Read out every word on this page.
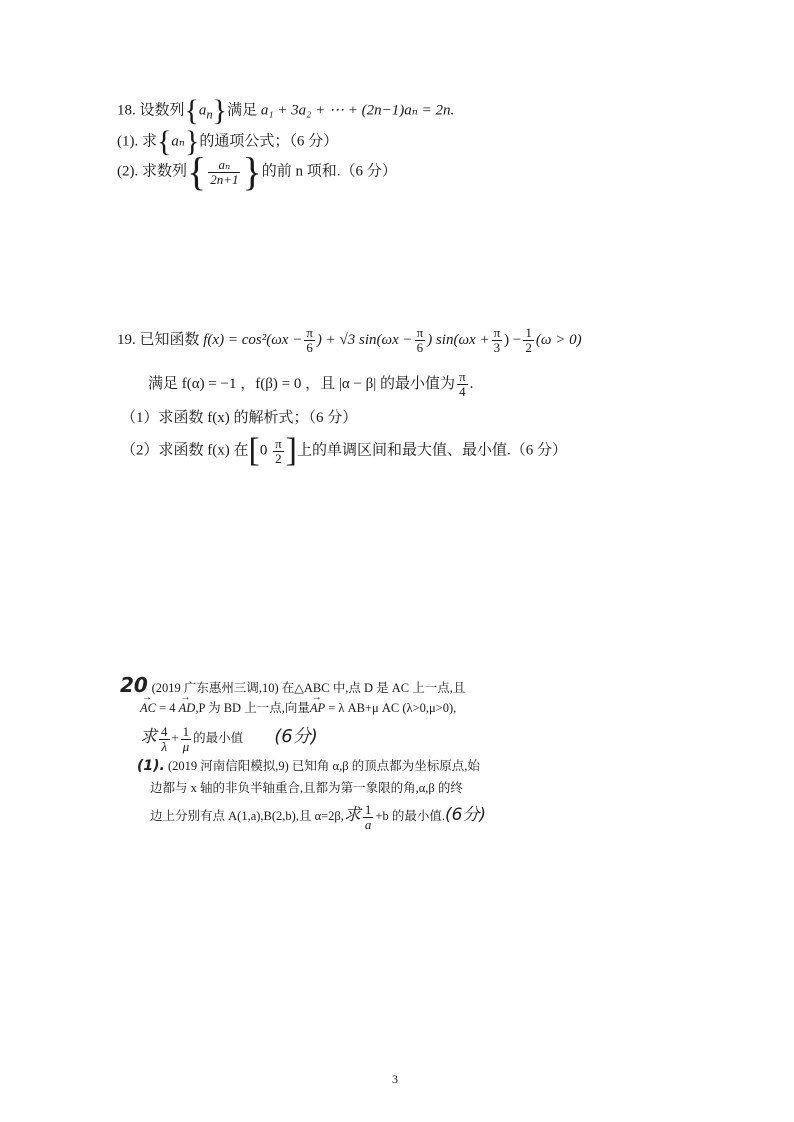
18. 设数列$\{a_n\}$满足 a₁ + 3a₂ + ⋯ + (2n−1)aₙ = 2n.
(1). 求{aₙ}的通项公式；（6 分）
(2). 求数列{ $\frac{\text{aₙ}}{2n+1}$ }的前 n 项和.（6 分）
19. 已知函数 $f(x) = \cos^2(\omega x - \frac{\pi}{6}$ ) + √3 $\sin(\omega x - \frac{\pi}{6}$ ) $\sin(\omega x + \frac{\pi}{3}$ ) − $\frac{1}{2} (\omega > 0)$
满足 f(α) = −1 ，f(β) = 0 ，且 |α − β| 的最小值为 $\frac{\pi}{4}$ .
（1）求函数 f(x) 的解析式；（6 分）
（2）求函数 f(x) 在[$0 \frac{\pi}{2}$ ]上的单调区间和最大值、最小值.（6 分）
20 (2019 广东惠州三调,10) 在△ABC 中,点 D 是 AC 上一点,且
→ AC = 4 → AD,P 为 BD 上一点,向量→ AP = λ AB+μ AC (λ>0,μ>0),
求 $\frac{4}{\lambda} + \frac{1}{\mu}$ 的最小值 (6分)
(1). (2019 河南信阳模拟,9) 已知角 α,β 的顶点都为坐标原点,始
边都与 x 轴的非负半轴重合,且都为第一象限的角,α,β 的终
边上分别有点 A(1,a),B(2,b),且 α=2β,求 $\frac{1}{a} +b$ 的最小值.(6分)
3
